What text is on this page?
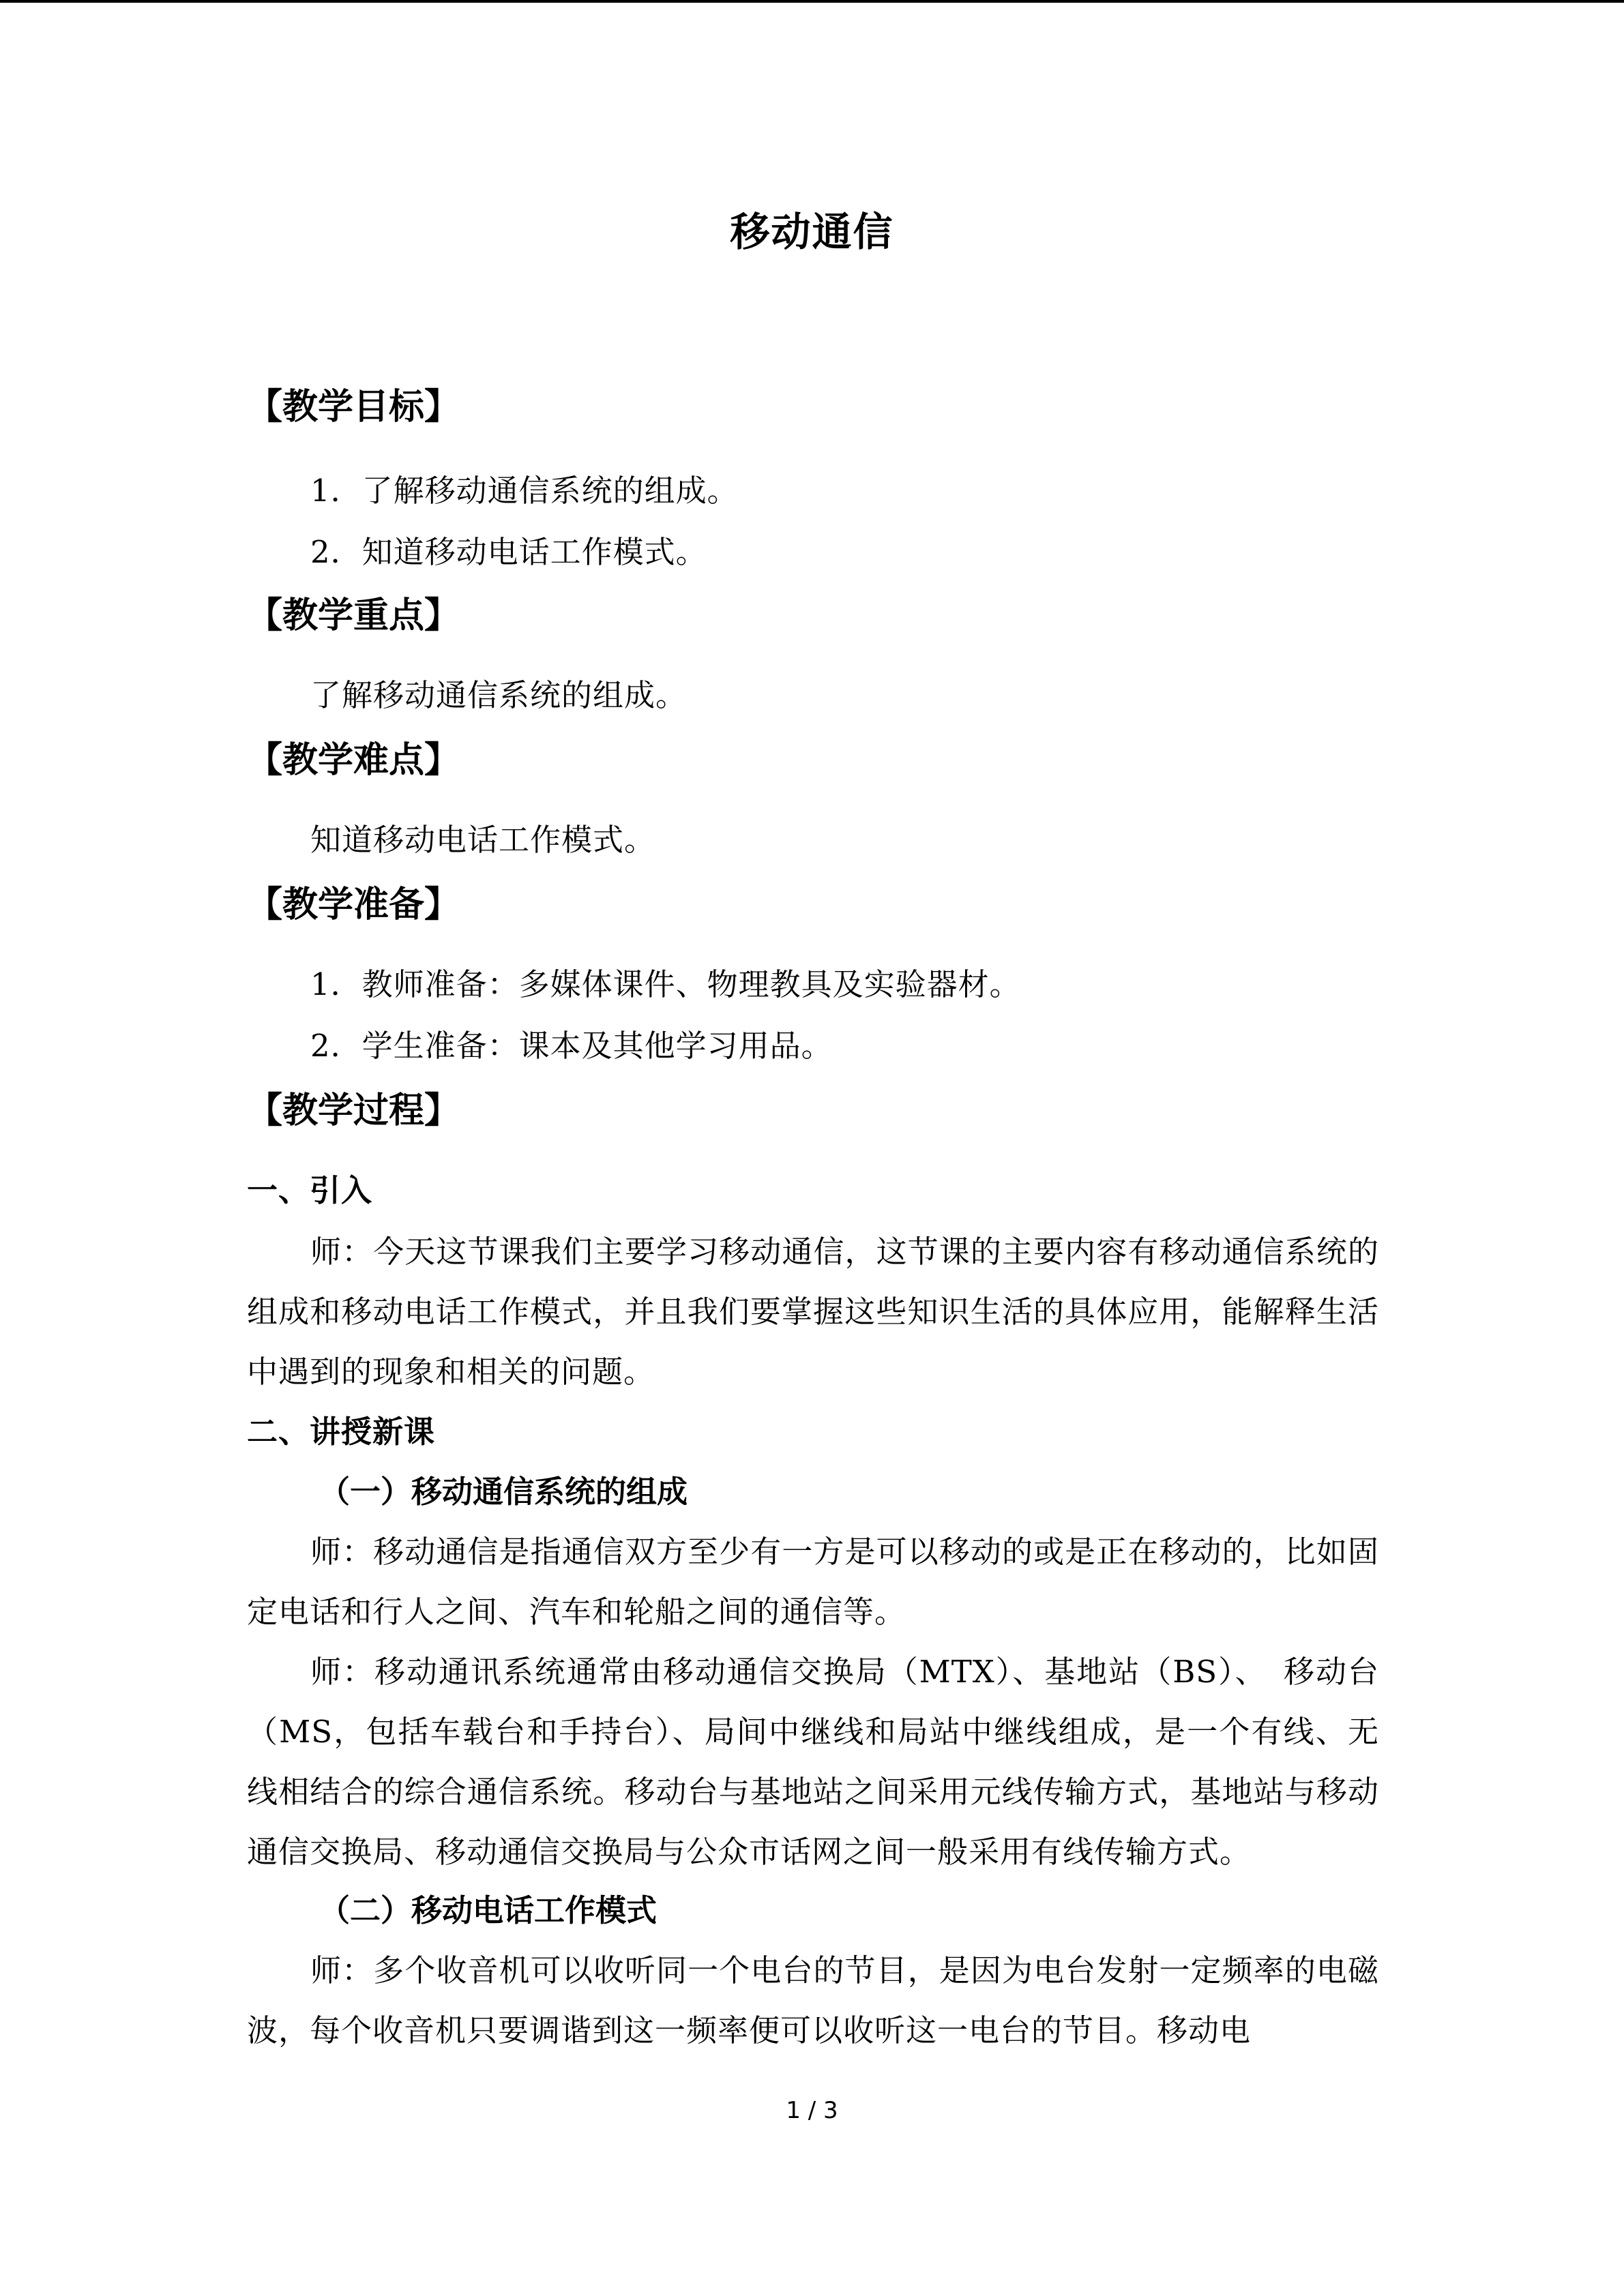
移动通信
【教学目标】
1．了解移动通信系统的组成。
2．知道移动电话工作模式。
【教学重点】
了解移动通信系统的组成。
【教学难点】
知道移动电话工作模式。
【教学准备】
1．教师准备：多媒体课件、物理教具及实验器材。
2．学生准备：课本及其他学习用品。
【教学过程】
一、引入
师：今天这节课我们主要学习移动通信，这节课的主要内容有移动通信系统的组成和移动电话工作模式，并且我们要掌握这些知识生活的具体应用，能解释生活中遇到的现象和相关的问题。
二、讲授新课
（一）移动通信系统的组成
师：移动通信是指通信双方至少有一方是可以移动的或是正在移动的，比如固定电话和行人之间、汽车和轮船之间的通信等。
师：移动通讯系统通常由移动通信交换局（MTX）、基地站（BS）、　移动台（MS，包括车载台和手持台）、局间中继线和局站中继线组成，是一个有线、无线相结合的综合通信系统。移动台与基地站之间采用元线传输方式，基地站与移动通信交换局、移动通信交换局与公众市话网之间一般采用有线传输方式。
（二）移动电话工作模式
师：多个收音机可以收听同一个电台的节目，是因为电台发射一定频率的电磁波，每个收音机只要调谐到这一频率便可以收听这一电台的节目。移动电
1 / 3
